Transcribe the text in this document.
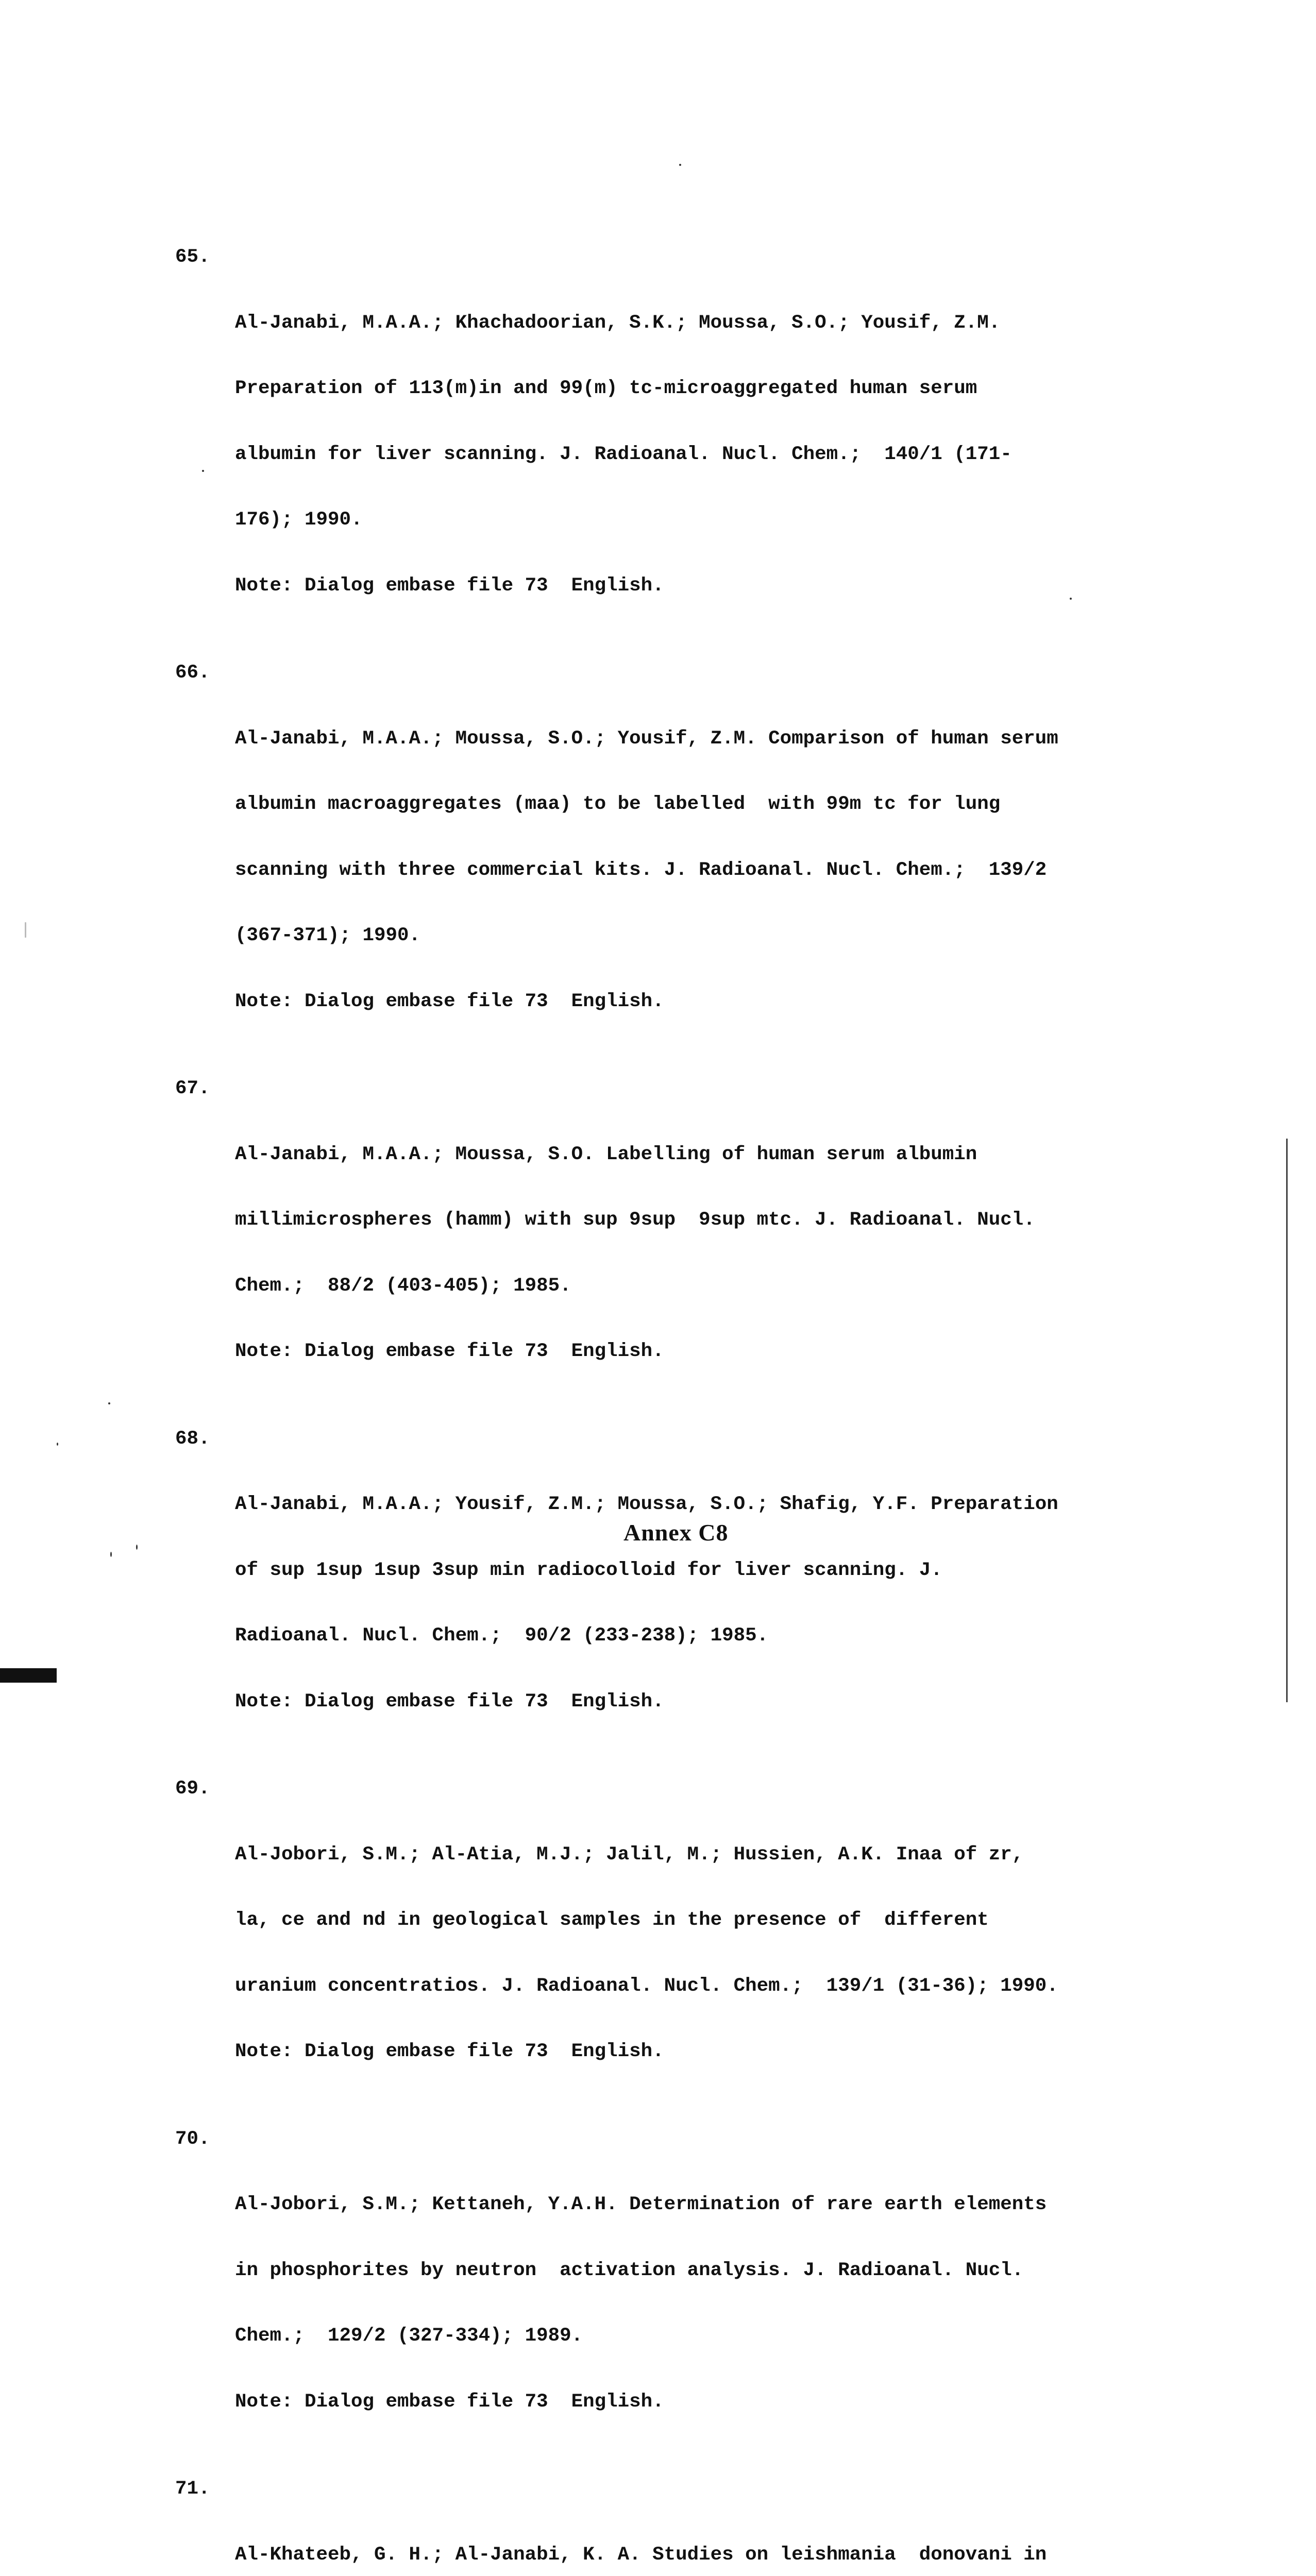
65.

Al-Janabi, M.A.A.; Khachadoorian, S.K.; Moussa, S.O.; Yousif, Z.M.

Preparation of 113(m)in and 99(m) tc-microaggregated human serum

albumin for liver scanning. J. Radioanal. Nucl. Chem.;  140/1 (171-

176); 1990.

Note: Dialog embase file 73  English.

66.

Al-Janabi, M.A.A.; Moussa, S.O.; Yousif, Z.M. Comparison of human serum

albumin macroaggregates (maa) to be labelled  with 99m tc for lung

scanning with three commercial kits. J. Radioanal. Nucl. Chem.;  139/2

(367-371); 1990.

Note: Dialog embase file 73  English.

67.

Al-Janabi, M.A.A.; Moussa, S.O. Labelling of human serum albumin

millimicrospheres (hamm) with sup 9sup  9sup mtc. J. Radioanal. Nucl.

Chem.;  88/2 (403-405); 1985.

Note: Dialog embase file 73  English.

68.

Al-Janabi, M.A.A.; Yousif, Z.M.; Moussa, S.O.; Shafig, Y.F. Preparation

of sup 1sup 1sup 3sup min radiocolloid for liver scanning. J.

Radioanal. Nucl. Chem.;  90/2 (233-238); 1985.

Note: Dialog embase file 73  English.

69.

Al-Jobori, S.M.; Al-Atia, M.J.; Jalil, M.; Hussien, A.K. Inaa of zr,

la, ce and nd in geological samples in the presence of  different

uranium concentratios. J. Radioanal. Nucl. Chem.;  139/1 (31-36); 1990.

Note: Dialog embase file 73  English.

70.

Al-Jobori, S.M.; Kettaneh, Y.A.H. Determination of rare earth elements

in phosphorites by neutron  activation analysis. J. Radioanal. Nucl.

Chem.;  129/2 (327-334); 1989.

Note: Dialog embase file 73  English.

71.

Al-Khateeb, G. H.; Al-Janabi, K. A. Studies on leishmania  donovani in

Annex C8
